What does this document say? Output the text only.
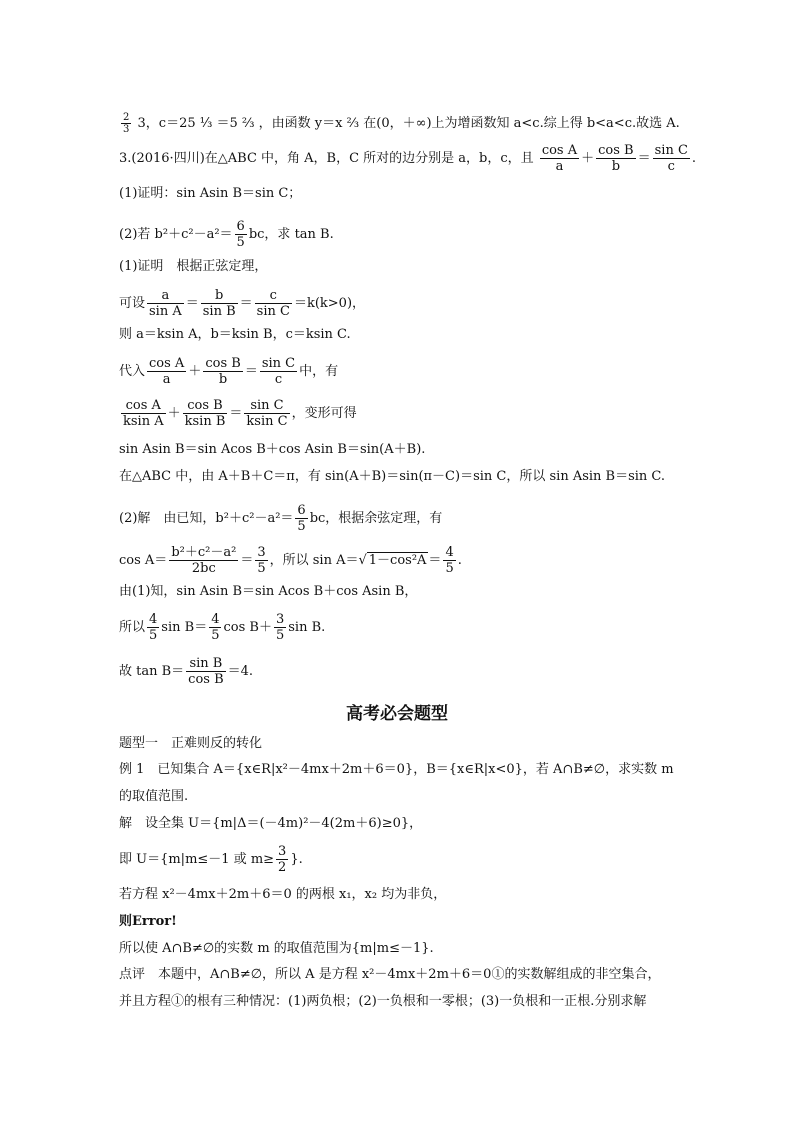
$\frac{2}{3} 3$，c＝25 ⅓ ＝5 ⅔ ，由函数 y＝x ⅔ 在(0，＋∞)上为增函数知 a<c.综上得 b<a<c.故选 A.
3.(2016·四川)在△ABC 中，角 A，B，C 所对的边分别是 a，b，c，且 $\frac{\text{cos A}}{a} + \frac{\text{cos B}}{b} = \frac{\text{sin C}}{c}$ .
(1)证明：sin Asin B＝sin C；
(2)若 $b^2+c^2-a^2= \frac{6}{5}$ bc，求 tan B.
(1)证明　根据正弦定理，
可设 $\frac{a}{\text{sin A}} = \frac{b}{\text{sin B}} = \frac{c}{\text{sin C}} =k(k>0)$，
则 a＝ksin A，b＝ksin B，c＝ksin C.
代入 $\frac{\text{cos A}}{a} + \frac{\text{cos B}}{b} = \frac{\text{sin C}}{c}$ 中，有
$\frac{\text{cos A}}{\text{ksin A}} + \frac{\text{cos B}}{\text{ksin B}} = \frac{\text{sin C}}{\text{ksin C}}$ ，变形可得
sin Asin B＝sin Acos B＋cos Asin B＝sin(A＋B).
在△ABC 中，由 A＋B＋C＝π，有 sin(A＋B)＝sin(π－C)＝sin C，所以 sin Asin B＝sin C.
(2)解　由已知，$b^2+c^2-a^2= \frac{6}{5}$ bc，根据余弦定理，有
$\cos A= \frac{\text{b²＋c²－a²}}{2bc} = \frac{3}{5}$ ，所以 sin A＝√ $1-\cos^2A = \frac{4}{5}$ .
由(1)知，sin Asin B＝sin Acos B＋cos Asin B，
所以 $\frac{4}{5}$ $\sin B= \frac{4}{5}$ $\cos B+ \frac{3}{5}$ sin B.
故 $\tan B= \frac{\text{sin B}}{\text{cos B}} =4$.
高考必会题型
题型一　正难则反的转化
例 1　已知集合 A＝{x∈R|x²－4mx＋2m＋6＝0}，B＝{x∈R|x<0}，若 A∩B≠∅，求实数 m
的取值范围.
解　设全集 U＝{m|Δ＝(－4m)²－4(2m＋6)≥0}，
即 U＝{m|m≤－1 或 $m\ge \frac{3}{2}$ }.
若方程 x²－4mx＋2m＋6＝0 的两根 x₁，x₂ 均为非负，
则Error!
所以使 A∩B≠∅的实数 m 的取值范围为{m|m≤－1}.
点评　本题中，A∩B≠∅，所以 A 是方程 x²－4mx＋2m＋6＝0①的实数解组成的非空集合，
并且方程①的根有三种情况：(1)两负根；(2)一负根和一零根；(3)一负根和一正根.分别求解
